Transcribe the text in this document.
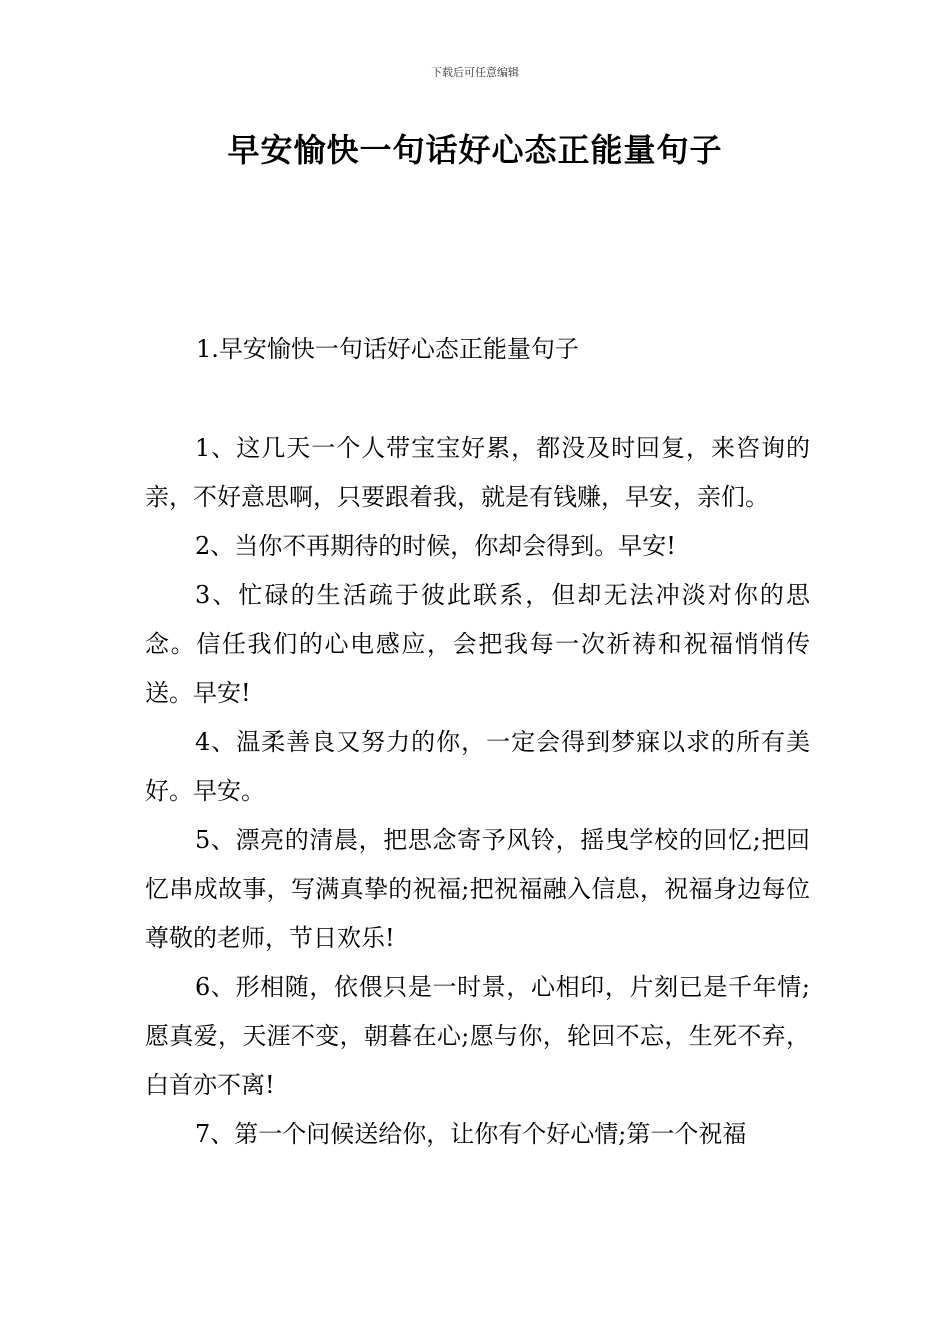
下载后可任意编辑
早安愉快一句话好心态正能量句子
1.早安愉快一句话好心态正能量句子

1、这几天一个人带宝宝好累，都没及时回复，来咨询的亲，不好意思啊，只要跟着我，就是有钱赚，早安，亲们。

2、当你不再期待的时候，你却会得到。早安!

3、忙碌的生活疏于彼此联系，但却无法冲淡对你的思念。信任我们的心电感应，会把我每一次祈祷和祝福悄悄传送。早安!

4、温柔善良又努力的你，一定会得到梦寐以求的所有美好。早安。

5、漂亮的清晨，把思念寄予风铃，摇曳学校的回忆;把回忆串成故事，写满真挚的祝福;把祝福融入信息，祝福身边每位尊敬的老师，节日欢乐!

6、形相随，依偎只是一时景，心相印，片刻已是千年情;愿真爱，天涯不变，朝暮在心;愿与你，轮回不忘，生死不弃，白首亦不离!

7、第一个问候送给你，让你有个好心情;第一个祝福
